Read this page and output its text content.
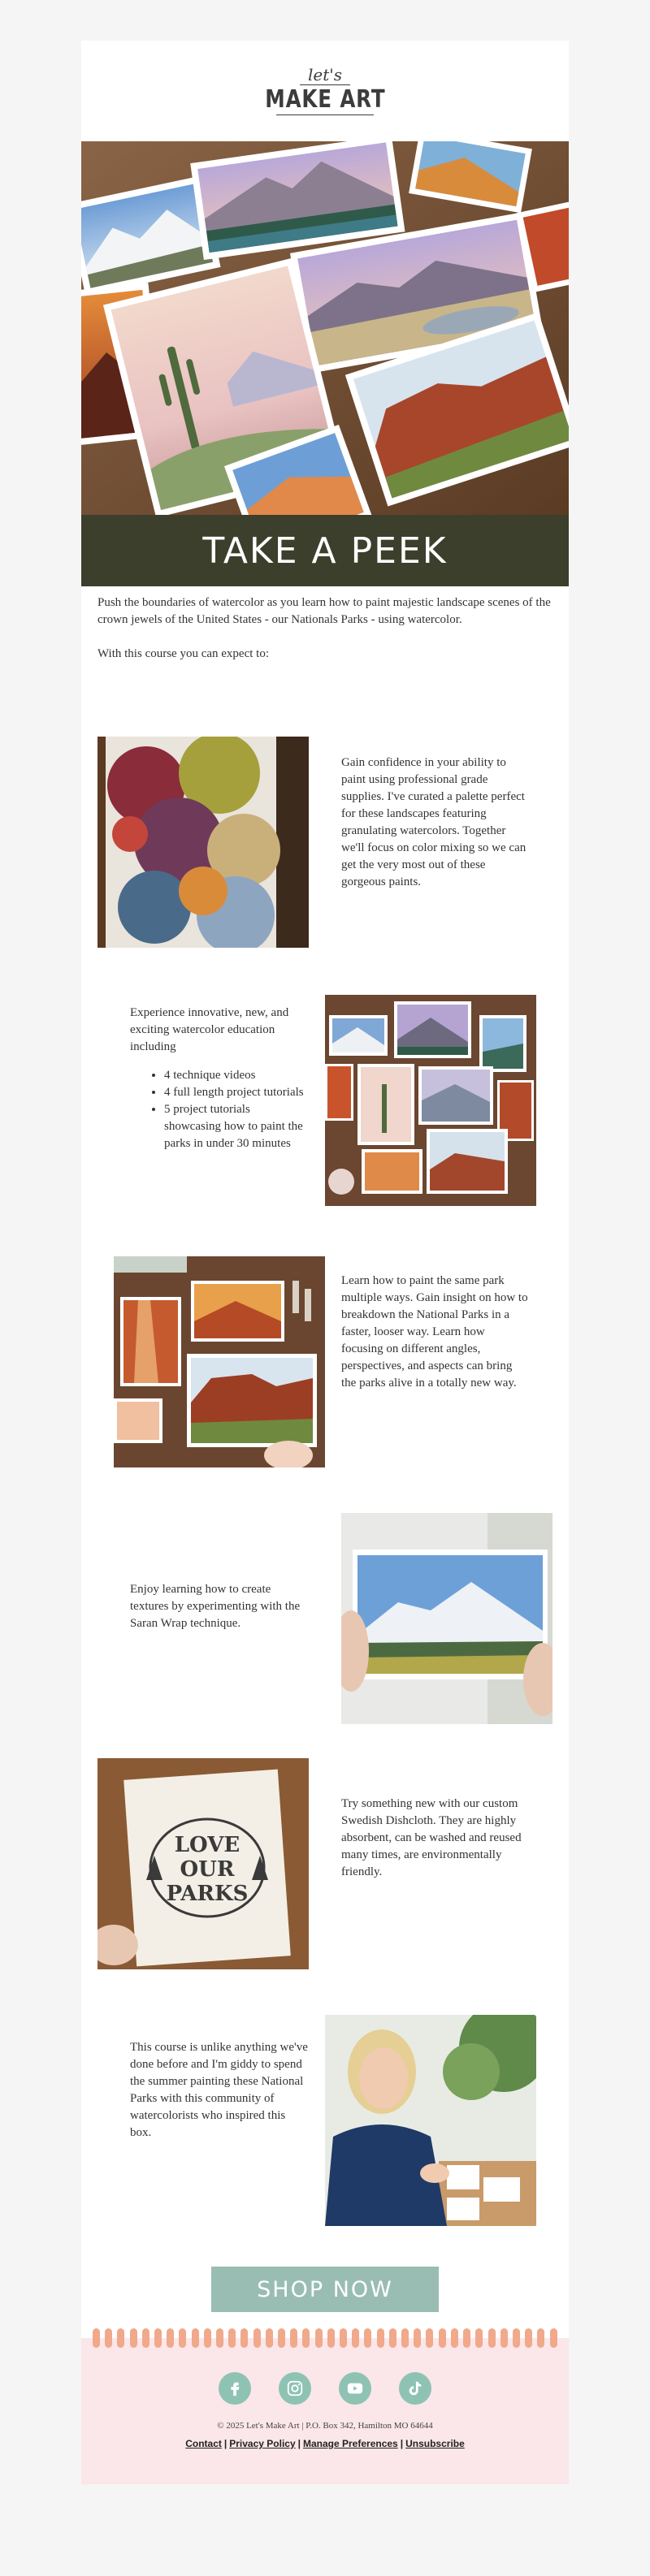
let's
MAKE ART
TAKE A PEEK

Push the boundaries of watercolor as you learn how to paint majestic landscape scenes of the crown jewels of the United States - our Nationals Parks - using watercolor.

With this course you can expect to:

Gain confidence in your ability to paint using professional grade supplies. I've curated a palette perfect for these landscapes featuring granulating watercolors. Together we'll focus on color mixing so we can get the very most out of these gorgeous paints.
Experience innovative, new, and exciting watercolor education including
• 4 technique videos
• 4 full length project tutorials
• 5 project tutorials showcasing how to paint the parks in under 30 minutes
Learn how to paint the same park multiple ways. Gain insight on how to breakdown the National Parks in a faster, looser way. Learn how focusing on different angles, perspectives, and aspects can bring the parks alive in a totally new way.
Enjoy learning how to create textures by experimenting with the Saran Wrap technique.
LOVE
OUR
PARKS
Try something new with our custom Swedish Dishcloth. They are highly absorbent, can be washed and reused many times, are environmentally friendly.
This course is unlike anything we've done before and I'm giddy to spend the summer painting these National Parks with this community of watercolorists who inspired this box.
SHOP NOW
© 2025 Let's Make Art | P.O. Box 342, Hamilton MO 64644
Contact | Privacy Policy | Manage Preferences | Unsubscribe
